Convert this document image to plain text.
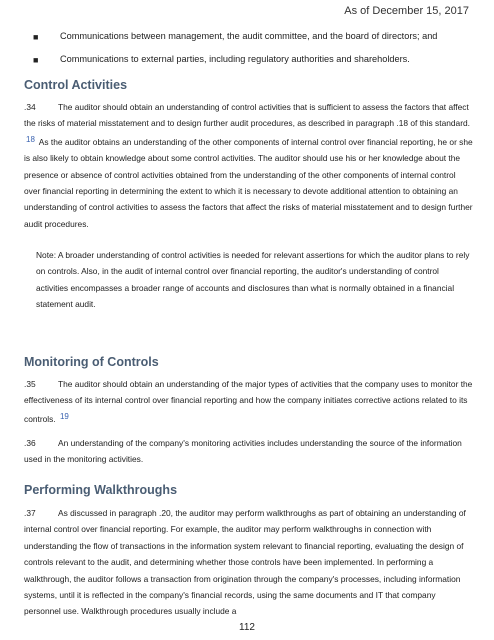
As of December 15, 2017
■ Communications between management, the audit committee, and the board of directors; and
■ Communications to external parties, including regulatory authorities and shareholders.
Control Activities

.34	The auditor should obtain an understanding of control activities that is sufficient to assess the factors that affect the risks of material misstatement and to design further audit procedures, as described in paragraph .18 of this standard. 18 As the auditor obtains an understanding of the other components of internal control over financial reporting, he or she is also likely to obtain knowledge about some control activities. The auditor should use his or her knowledge about the presence or absence of control activities obtained from the understanding of the other components of internal control over financial reporting in determining the extent to which it is necessary to devote additional attention to obtaining an understanding of control activities to assess the factors that affect the risks of material misstatement and to design further audit procedures.

Note: A broader understanding of control activities is needed for relevant assertions for which the auditor plans to rely on controls. Also, in the audit of internal control over financial reporting, the auditor's understanding of control activities encompasses a broader range of accounts and disclosures than what is normally obtained in a financial statement audit.

Monitoring of Controls

.35	The auditor should obtain an understanding of the major types of activities that the company uses to monitor the effectiveness of its internal control over financial reporting and how the company initiates corrective actions related to its controls. 19

.36	An understanding of the company's monitoring activities includes understanding the source of the information used in the monitoring activities.

Performing Walkthroughs

.37	As discussed in paragraph .20, the auditor may perform walkthroughs as part of obtaining an understanding of internal control over financial reporting. For example, the auditor may perform walkthroughs in connection with understanding the flow of transactions in the information system relevant to financial reporting, evaluating the design of controls relevant to the audit, and determining whether those controls have been implemented. In performing a walkthrough, the auditor follows a transaction from origination through the company's processes, including information systems, until it is reflected in the company's financial records, using the same documents and IT that company personnel use. Walkthrough procedures usually include a

112
